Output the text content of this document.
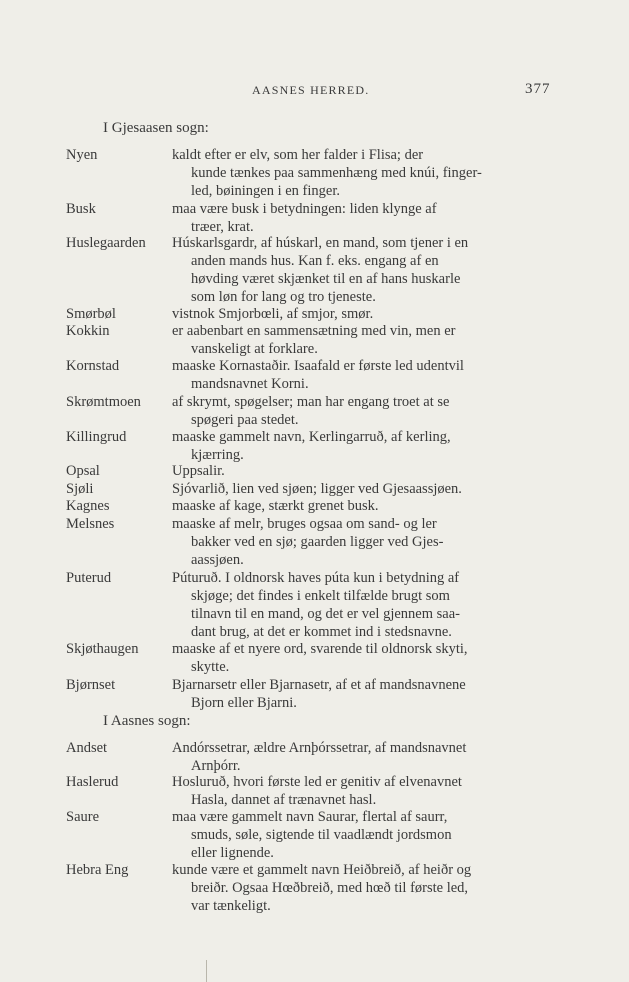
AASNES HERRED.	377
I Gjesaasen sogn:
Nyen	kaldt efter er elv, som her falder i Flisa; der
kunde tænkes paa sammenhæng med knúi, finger-
led, bøiningen i en finger.
Busk	maa være busk i betydningen: liden klynge af
træer, krat.
Huslegaarden Húskarlsgardr, af húskarl, en mand, som tjener i en
anden mands hus. Kan f. eks. engang af en
høvding været skjænket til en af hans huskarle
som løn for lang og tro tjeneste.
Smørbøl	vistnok Smjorbœli, af smjor, smør.
Kokkin	er aabenbart en sammensætning med vin, men er
vanskeligt at forklare.
Kornstad	maaske Kornastaðir. Isaafald er første led udentvil
mandsnavnet Korni.
Skrømtmoen af skrymt, spøgelser; man har engang troet at se
spøgeri paa stedet.
Killingrud	maaske gammelt navn, Kerlingarruð, af kerling,
kjærring.
Opsal	Uppsalir.
Sjøli	Sjóvarlið, lien ved sjøen; ligger ved Gjesaassjøen.
Kagnes	maaske af kage, stærkt grenet busk.
Melsnes	maaske af melr, bruges ogsaa om sand- og ler
bakker ved en sjø; gaarden ligger ved Gjes-
aassjøen.
Puterud	Púturuð. I oldnorsk haves púta kun i betydning af
skjøge; det findes i enkelt tilfælde brugt som
tilnavn til en mand, og det er vel gjennem saa-
dant brug, at det er kommet ind i stedsnavne.
Skjøthaugen maaske af et nyere ord, svarende til oldnorsk skyti,
skytte.
Bjørnset	Bjarnarsetr eller Bjarnasetr, af et af mandsnavnene
Bjorn eller Bjarni.
I Aasnes sogn:
Andset	Andórssetrar, ældre Arnþórssetrar, af mandsnavnet
Arnþórr.
Haslerud	Hosluruð, hvori første led er genitiv af elvenavnet
Hasla, dannet af trænavnet hasl.
Saure	maa være gammelt navn Saurar, flertal af saurr,
smuds, søle, sigtende til vaadlændt jordsmon
eller lignende.
Hebra Eng	kunde være et gammelt navn Heiðbreið, af heiðr og
breiðr. Ogsaa Hœðbreið, med hœð til første led,
var tænkeligt.
